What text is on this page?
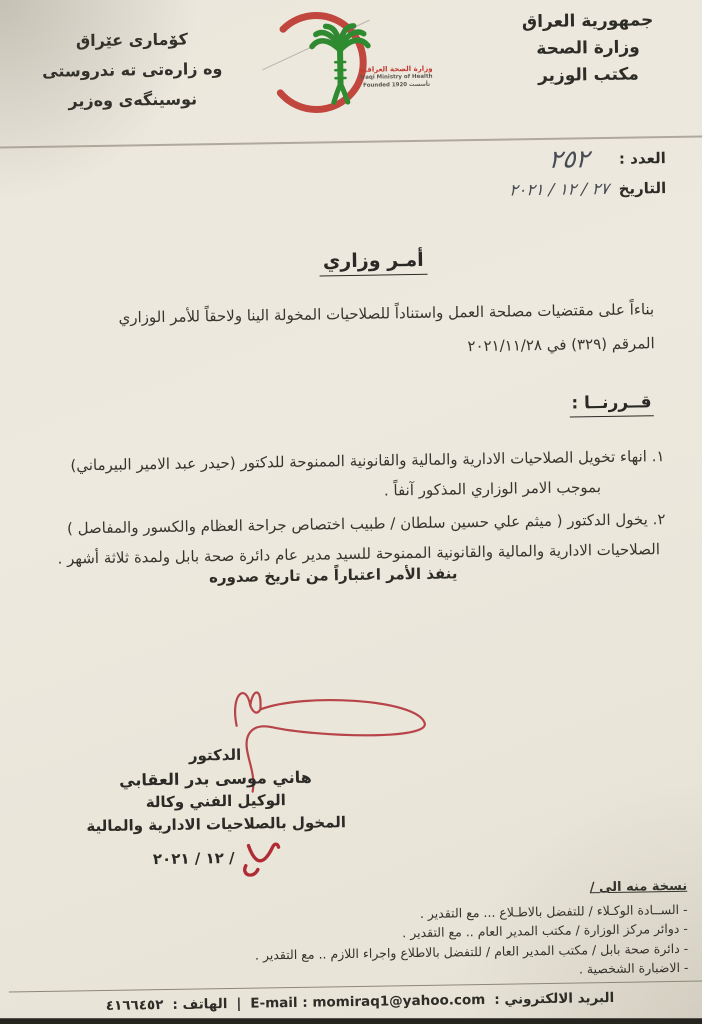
جمهورية العراق
وزارة الصحة
مكتب الوزير
كۆمارى عێراق
وه زارەتى تە ندروستى
نوسینگەى وەزیر
وزارة الصحة العراقية
Iraqi Ministry of Health
Founded 1920 تأسست
العدد :
٢٥٢
التاريخ
٢٧ / ١٢ / ٢٠٢١
أمـر وزاري
بناءاً على مقتضيات مصلحة العمل واستناداً للصلاحيات المخولة الينا ولاحقاً للأمر الوزاري
المرقم (٣٢٩) في ٢٠٢١/١١/٢٨
قــررنــا :
١. انهاء تخويل الصلاحيات الادارية والمالية والقانونية الممنوحة للدكتور (حيدر عبد الامير البيرماني)
بموجب الامر الوزاري المذكور آنفاً .
٢. يخول الدكتور ( ميثم علي حسين سلطان / طبيب اختصاص جراحة العظام والكسور والمفاصل )
الصلاحيات الادارية والمالية والقانونية الممنوحة للسيد مدير عام دائرة صحة بابل ولمدة ثلاثة أشهر .
ينفذ الأمر اعتباراً من تاريخ صدوره
الدكتور
هاني موسى بدر العقابي
الوكيل الفني وكالة
المخول بالصلاحيات الادارية والمالية
/ ١٢ / ٢٠٢١
نسخة منه الى /
- الســادة الوكـلاء / للتفضل بالاطـلاع ... مع التقدير .
- دوائر مركز الوزارة / مكتب المدير العام .. مع التقدير .
- دائرة صحة بابل / مكتب المدير العام / للتفضل بالاطلاع واجراء اللازم .. مع التقدير .
- الاضبارة الشخصية .
البريد الالكتروني :
E-mail : momiraq1@yahoo.com
|
الهاتف :
٤١٦٦٤٥٢
